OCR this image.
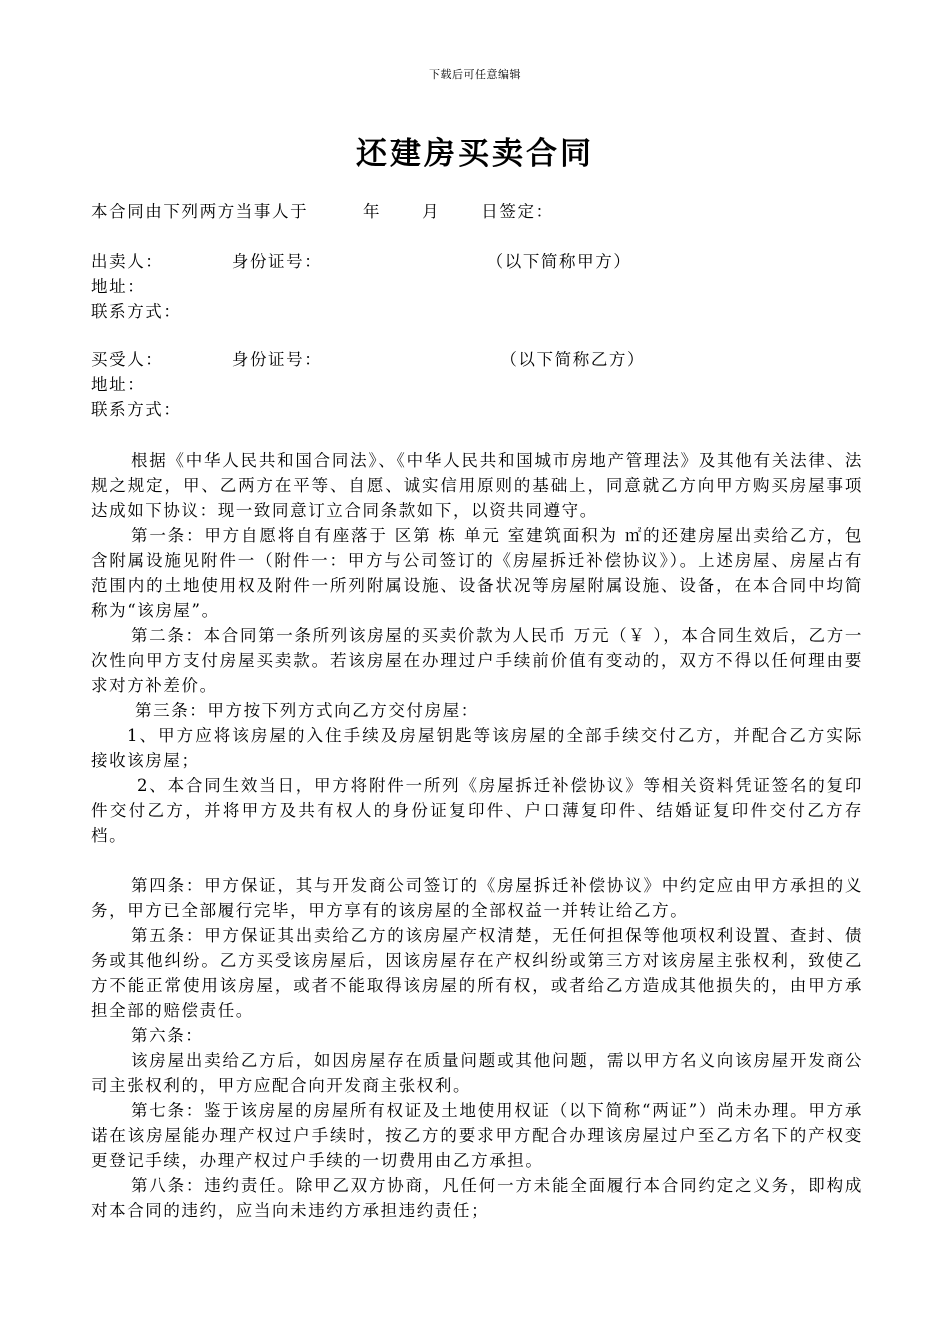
下载后可任意编辑
还建房买卖合同
本合同由下列两方当事人于        年      月      日签定：
出卖人：          身份证号：                        （以下简称甲方）
地址：
联系方式：
买受人：          身份证号：                          （以下简称乙方）
地址：
联系方式：
根据《中华人民共和国合同法》、《中华人民共和国城市房地产管理法》及其他有关法律、法规之规定，甲、乙两方在平等、自愿、诚实信用原则的基础上，同意就乙方向甲方购买房屋事项达成如下协议：现一致同意订立合同条款如下，以资共同遵守。
第一条：甲方自愿将自有座落于 区第 栋 单元 室建筑面积为 ㎡的还建房屋出卖给乙方，包含附属设施见附件一（附件一：甲方与公司签订的《房屋拆迁补偿协议》）。上述房屋、房屋占有范围内的土地使用权及附件一所列附属设施、设备状况等房屋附属设施、设备，在本合同中均简称为“该房屋”。
第二条：本合同第一条所列该房屋的买卖价款为人民币 万元（￥ ），本合同生效后，乙方一次性向甲方支付房屋买卖款。若该房屋在办理过户手续前价值有变动的，双方不得以任何理由要求对方补差价。
第三条：甲方按下列方式向乙方交付房屋：
1、甲方应将该房屋的入住手续及房屋钥匙等该房屋的全部手续交付乙方，并配合乙方实际接收该房屋；
2、本合同生效当日，甲方将附件一所列《房屋拆迁补偿协议》等相关资料凭证签名的复印件交付乙方，并将甲方及共有权人的身份证复印件、户口薄复印件、结婚证复印件交付乙方存档。
第四条：甲方保证，其与开发商公司签订的《房屋拆迁补偿协议》中约定应由甲方承担的义务，甲方已全部履行完毕，甲方享有的该房屋的全部权益一并转让给乙方。
第五条：甲方保证其出卖给乙方的该房屋产权清楚，无任何担保等他项权利设置、查封、债务或其他纠纷。乙方买受该房屋后，因该房屋存在产权纠纷或第三方对该房屋主张权利，致使乙方不能正常使用该房屋，或者不能取得该房屋的所有权，或者给乙方造成其他损失的，由甲方承担全部的赔偿责任。
第六条：
该房屋出卖给乙方后，如因房屋存在质量问题或其他问题，需以甲方名义向该房屋开发商公司主张权利的，甲方应配合向开发商主张权利。
第七条：鉴于该房屋的房屋所有权证及土地使用权证（以下简称“两证”）尚未办理。甲方承诺在该房屋能办理产权过户手续时，按乙方的要求甲方配合办理该房屋过户至乙方名下的产权变更登记手续，办理产权过户手续的一切费用由乙方承担。
第八条：违约责任。除甲乙双方协商，凡任何一方未能全面履行本合同约定之义务，即构成对本合同的违约，应当向未违约方承担违约责任；
